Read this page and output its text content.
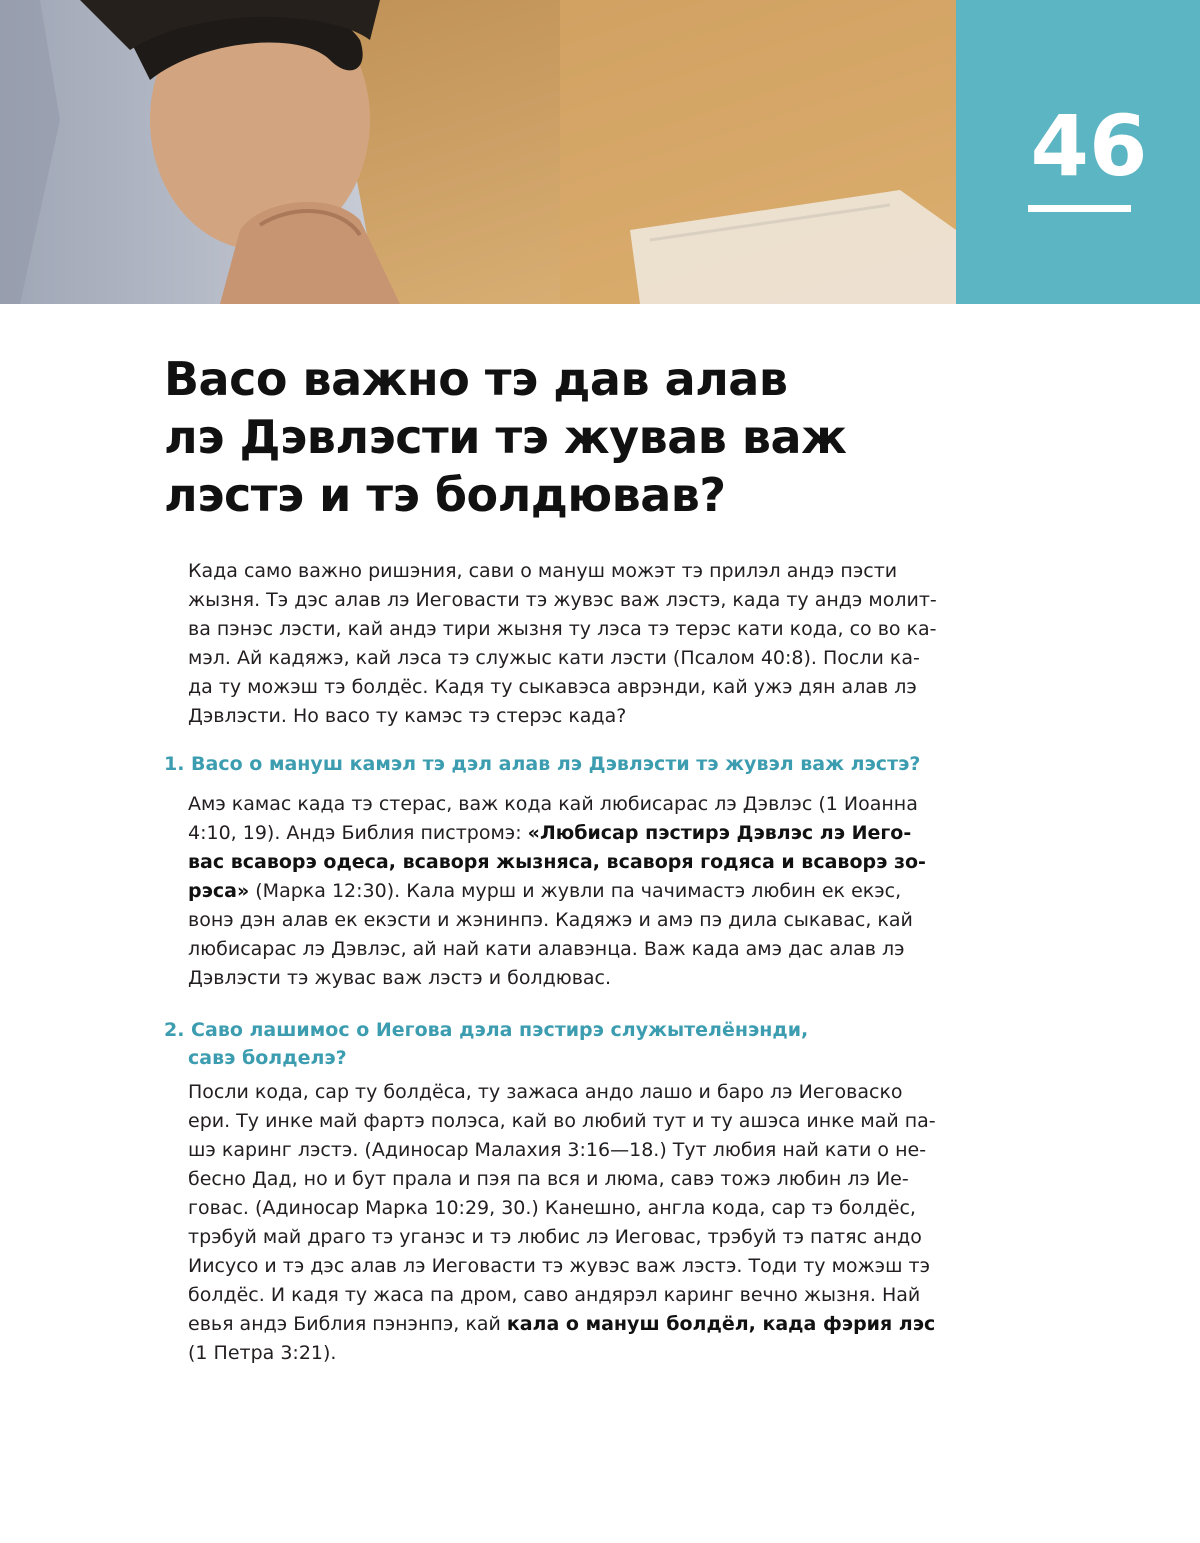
46
Васо важно тэ дав алав
лэ Дэвлэсти тэ жував важ
лэстэ и тэ болдював?

Када само важно ришэния, сави о мануш можэт тэ прилэл андэ пэсти
жызня. Тэ дэс алав лэ Иеговасти тэ жувэс важ лэстэ, када ту андэ молит-
ва пэнэс лэсти, кай андэ тири жызня ту лэса тэ терэс кати кода, со во ка-
мэл. Ай кадяжэ, кай лэса тэ служыс кати лэсти (Псалом 40:8). Посли ка-
да ту можэш тэ болдёс. Кадя ту сыкавэса аврэнди, кай ужэ дян алав лэ
Дэвлэсти. Но васо ту камэс тэ стерэс када?

1. Васо о мануш камэл тэ дэл алав лэ Дэвлэсти тэ жувэл важ лэстэ?

Амэ камас када тэ стерас, важ кода кай любисарас лэ Дэвлэс (1 Иоанна
4:10, 19). Андэ Библия пистромэ: «Любисар пэстирэ Дэвлэс лэ Иего-
вас всаворэ одеса, всаворя жызняса, всаворя годяса и всаворэ зо-
рэса» (Марка 12:30). Кала мурш и жувли па чачимастэ любин ек екэс,
вонэ дэн алав ек екэсти и жэнинпэ. Кадяжэ и амэ пэ дила сыкавас, кай
любисарас лэ Дэвлэс, ай най кати алавэнца. Важ када амэ дас алав лэ
Дэвлэсти тэ жувас важ лэстэ и болдювас.

2. Саво лашимос о Иегова дэла пэстирэ служытелёнэнди,
савэ болделэ?

Посли кода, сар ту болдёса, ту зажаса андо лашо и баро лэ Иеговаско
ери. Ту инке май фартэ полэса, кай во любий тут и ту ашэса инке май па-
шэ каринг лэстэ. (Адиносар Малахия 3:16—18.) Тут любия най кати о не-
бесно Дад, но и бут прала и пэя па вся и люма, савэ тожэ любин лэ Ие-
говас. (Адиносар Марка 10:29, 30.) Канешно, англа кода, сар тэ болдёс,
трэбуй май драго тэ уганэс и тэ любис лэ Иеговас, трэбуй тэ патяс андо
Иисусо и тэ дэс алав лэ Иеговасти тэ жувэс важ лэстэ. Тоди ту можэш тэ
болдёс. И кадя ту жаса па дром, саво андярэл каринг вечно жызня. Най
евья андэ Библия пэнэнпэ, кай кала о мануш болдёл, када фэрия лэс
(1 Петра 3:21).
